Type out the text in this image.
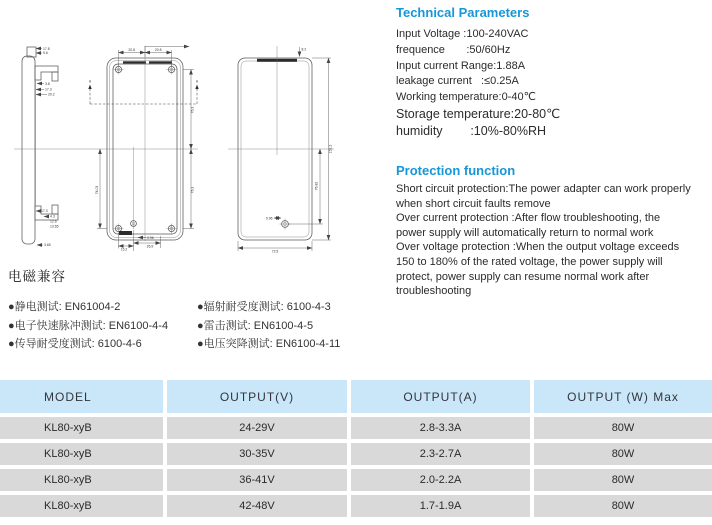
17.8
9.6
3.8
17.3
29.2
17.3
4.3
12.6
13.65
3.65
A	A
20.8	20.8
76.3
76.3
74.03
15.2
26.9
0.96
8.2
152.2
76.82
9.96
72.5
Technical Parameters
Input Voltage :100-240VAC
frequence       :50/60Hz
Input current Range:1.88A
leakage current   :≤0.25A
Working temperature:0-40℃
Storage temperature:20-80℃
humidity        :10%-80%RH
Protection function
Short circuit protection:The power adapter can work properly
when short circuit faults remove
Over current protection :After flow troubleshooting, the
power supply will automatically return to normal work
Over voltage protection :When the output voltage exceeds
150 to 180% of the rated voltage, the power supply will
protect, power supply can resume normal work after
troubleshooting
电磁兼容
●静电测试: EN61004-2
●电子快速脉冲测试: EN6100-4-4
●传导耐受度测试: 6100-4-6
●辐射耐受度测试: 6100-4-3
●雷击测试: EN6100-4-5
●电压突降测试: EN6100-4-11
MODEL	OUTPUT(V)	OUTPUT(A)	OUTPUT (W) Max
KL80-xyB	24-29V	2.8-3.3A	80W
KL80-xyB	30-35V	2.3-2.7A	80W
KL80-xyB	36-41V	2.0-2.2A	80W
KL80-xyB	42-48V	1.7-1.9A	80W
